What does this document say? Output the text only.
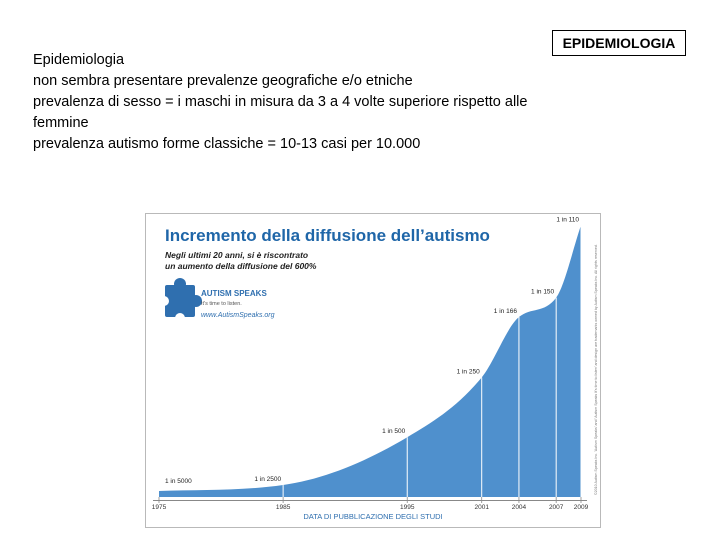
EPIDEMIOLOGIA
Epidemiologia
non sembra presentare prevalenze geografiche e/o etniche
prevalenza di sesso = i maschi in misura da 3 a 4 volte superiore rispetto alle
femmine
prevalenza autismo forme classiche = 10-13 casi per 10.000
Incremento della diffusione dell’autismo
Negli ultimi 20 anni, si è riscontrato
un aumento della diffusione del 600%
AUTISM SPEAKS
It's time to listen.
www.AutismSpeaks.org
1 in 5000	1 in 2500
1 in 500
1 in 250
1 in 166
1 in 150
1 in 110
1975	1985	1995	2001	2004	2007 2009
DATA DI PUBBLICAZIONE DEGLI STUDI
©2010 Autism Speaks Inc. 'Autism Speaks' and 'Autism Speaks It's time to listen' and design are trademarks owned by Autism Speaks Inc. All rights reserved.
